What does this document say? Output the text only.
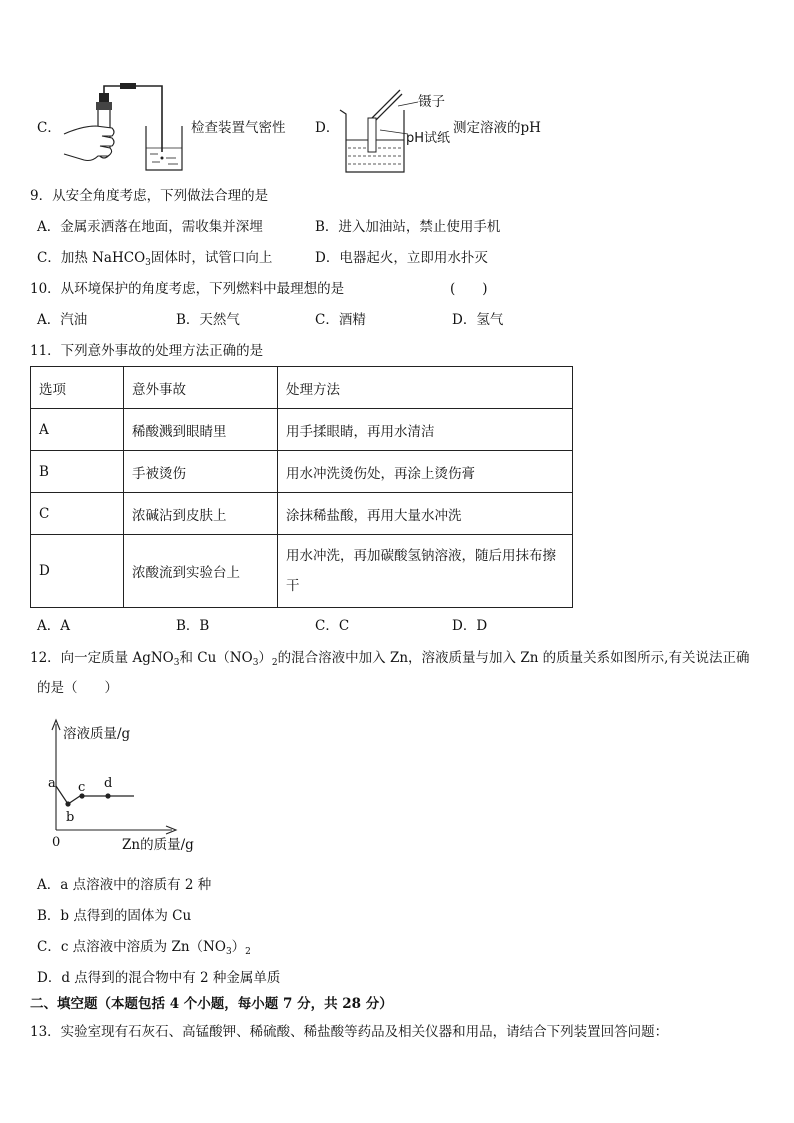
C．	检查装置气密性 D．
镊子
pH试纸
测定溶液的pH
9．从安全角度考虑，下列做法合理的是
A．金属汞洒落在地面，需收集并深埋	B．进入加油站，禁止使用手机
C．加热 NaHCO$_3$固体时，试管口向上	D．电器起火，立即用水扑灭
10．从环境保护的角度考虑，下列燃料中最理想的是	(　　)
A．汽油	B．天然气	C．酒精	D．氢气
11．下列意外事故的处理方法正确的是
选项	意外事故	处理方法
A	稀酸溅到眼睛里	用手揉眼睛，再用水清洁
B	手被烫伤	用水冲洗烫伤处，再涂上烫伤膏
C	浓碱沾到皮肤上	涂抹稀盐酸，再用大量水冲洗
D	浓酸流到实验台上	用水冲洗，再加碳酸氢钠溶液，随后用抹布擦干
A．A	B．B	C．C	D．D
12．向一定质量 AgNO$_3$和 $Cu(NO_3)_2$的混合溶液中加入 Zn，溶液质量与加入 Zn 的质量关系如图所示,有关说法正确
的是（　　）
溶液质量/g
a
b
c d
0	Zn的质量/g
A．a 点溶液中的溶质有 2 种
B．b 点得到的固体为 Cu
C．c 点溶液中溶质为 $Zn(NO_3)_2$
D．d 点得到的混合物中有 2 种金属单质
二、填空题（本题包括 4 个小题，每小题 7 分，共 28 分）
13．实验室现有石灰石、高锰酸钾、稀硫酸、稀盐酸等药品及相关仪器和用品，请结合下列装置回答问题：
